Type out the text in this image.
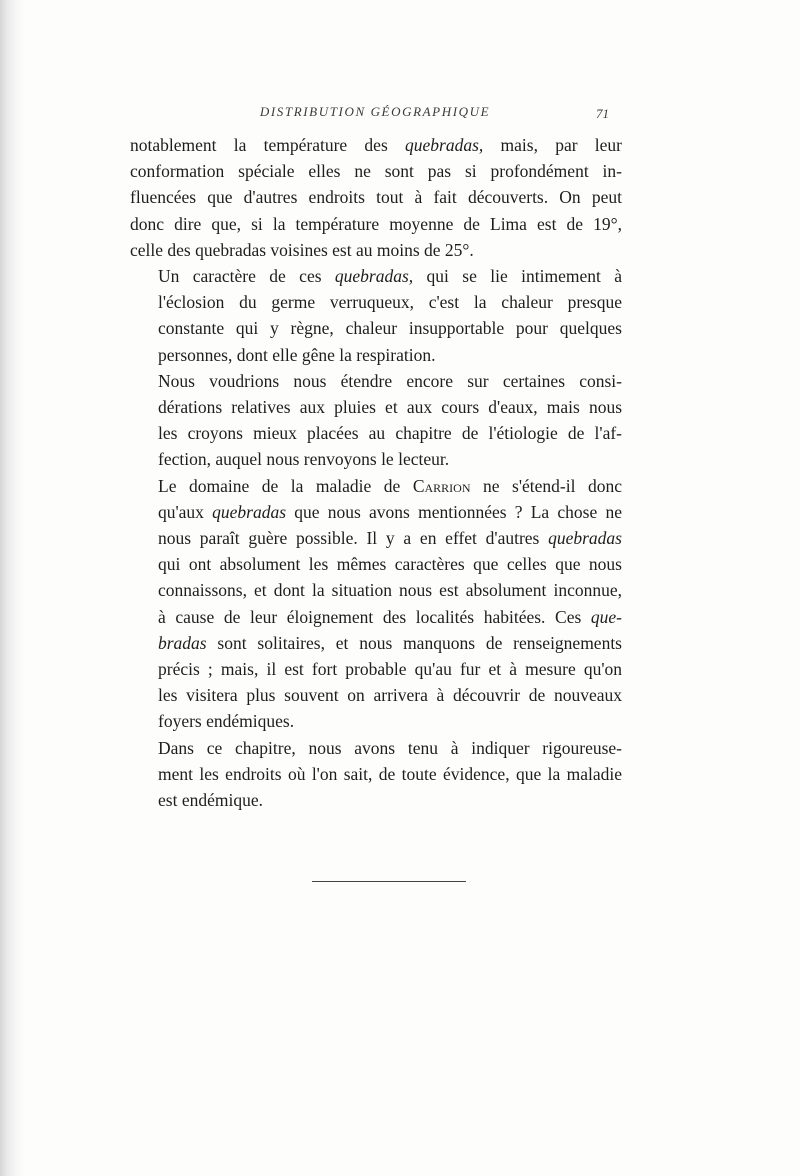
DISTRIBUTION GÉOGRAPHIQUE	71
notablement la température des quebradas, mais, par leur
conformation spéciale elles ne sont pas si profondément in-
fluencées que d'autres endroits tout à fait découverts. On peut
donc dire que, si la température moyenne de Lima est de 19°,
celle des quebradas voisines est au moins de 25°.
Un caractère de ces quebradas, qui se lie intimement à
l'éclosion du germe verruqueux, c'est la chaleur presque
constante qui y règne, chaleur insupportable pour quelques
personnes, dont elle gêne la respiration.
Nous voudrions nous étendre encore sur certaines consi-
dérations relatives aux pluies et aux cours d'eaux, mais nous
les croyons mieux placées au chapitre de l'étiologie de l'af-
fection, auquel nous renvoyons le lecteur.
Le domaine de la maladie de Carrion ne s'étend-il donc
qu'aux quebradas que nous avons mentionnées ? La chose ne
nous paraît guère possible. Il y a en effet d'autres quebradas
qui ont absolument les mêmes caractères que celles que nous
connaissons, et dont la situation nous est absolument inconnue,
à cause de leur éloignement des localités habitées. Ces que-
bradas sont solitaires, et nous manquons de renseignements
précis ; mais, il est fort probable qu'au fur et à mesure qu'on
les visitera plus souvent on arrivera à découvrir de nouveaux
foyers endémiques.
Dans ce chapitre, nous avons tenu à indiquer rigoureuse-
ment les endroits où l'on sait, de toute évidence, que la maladie
est endémique.
